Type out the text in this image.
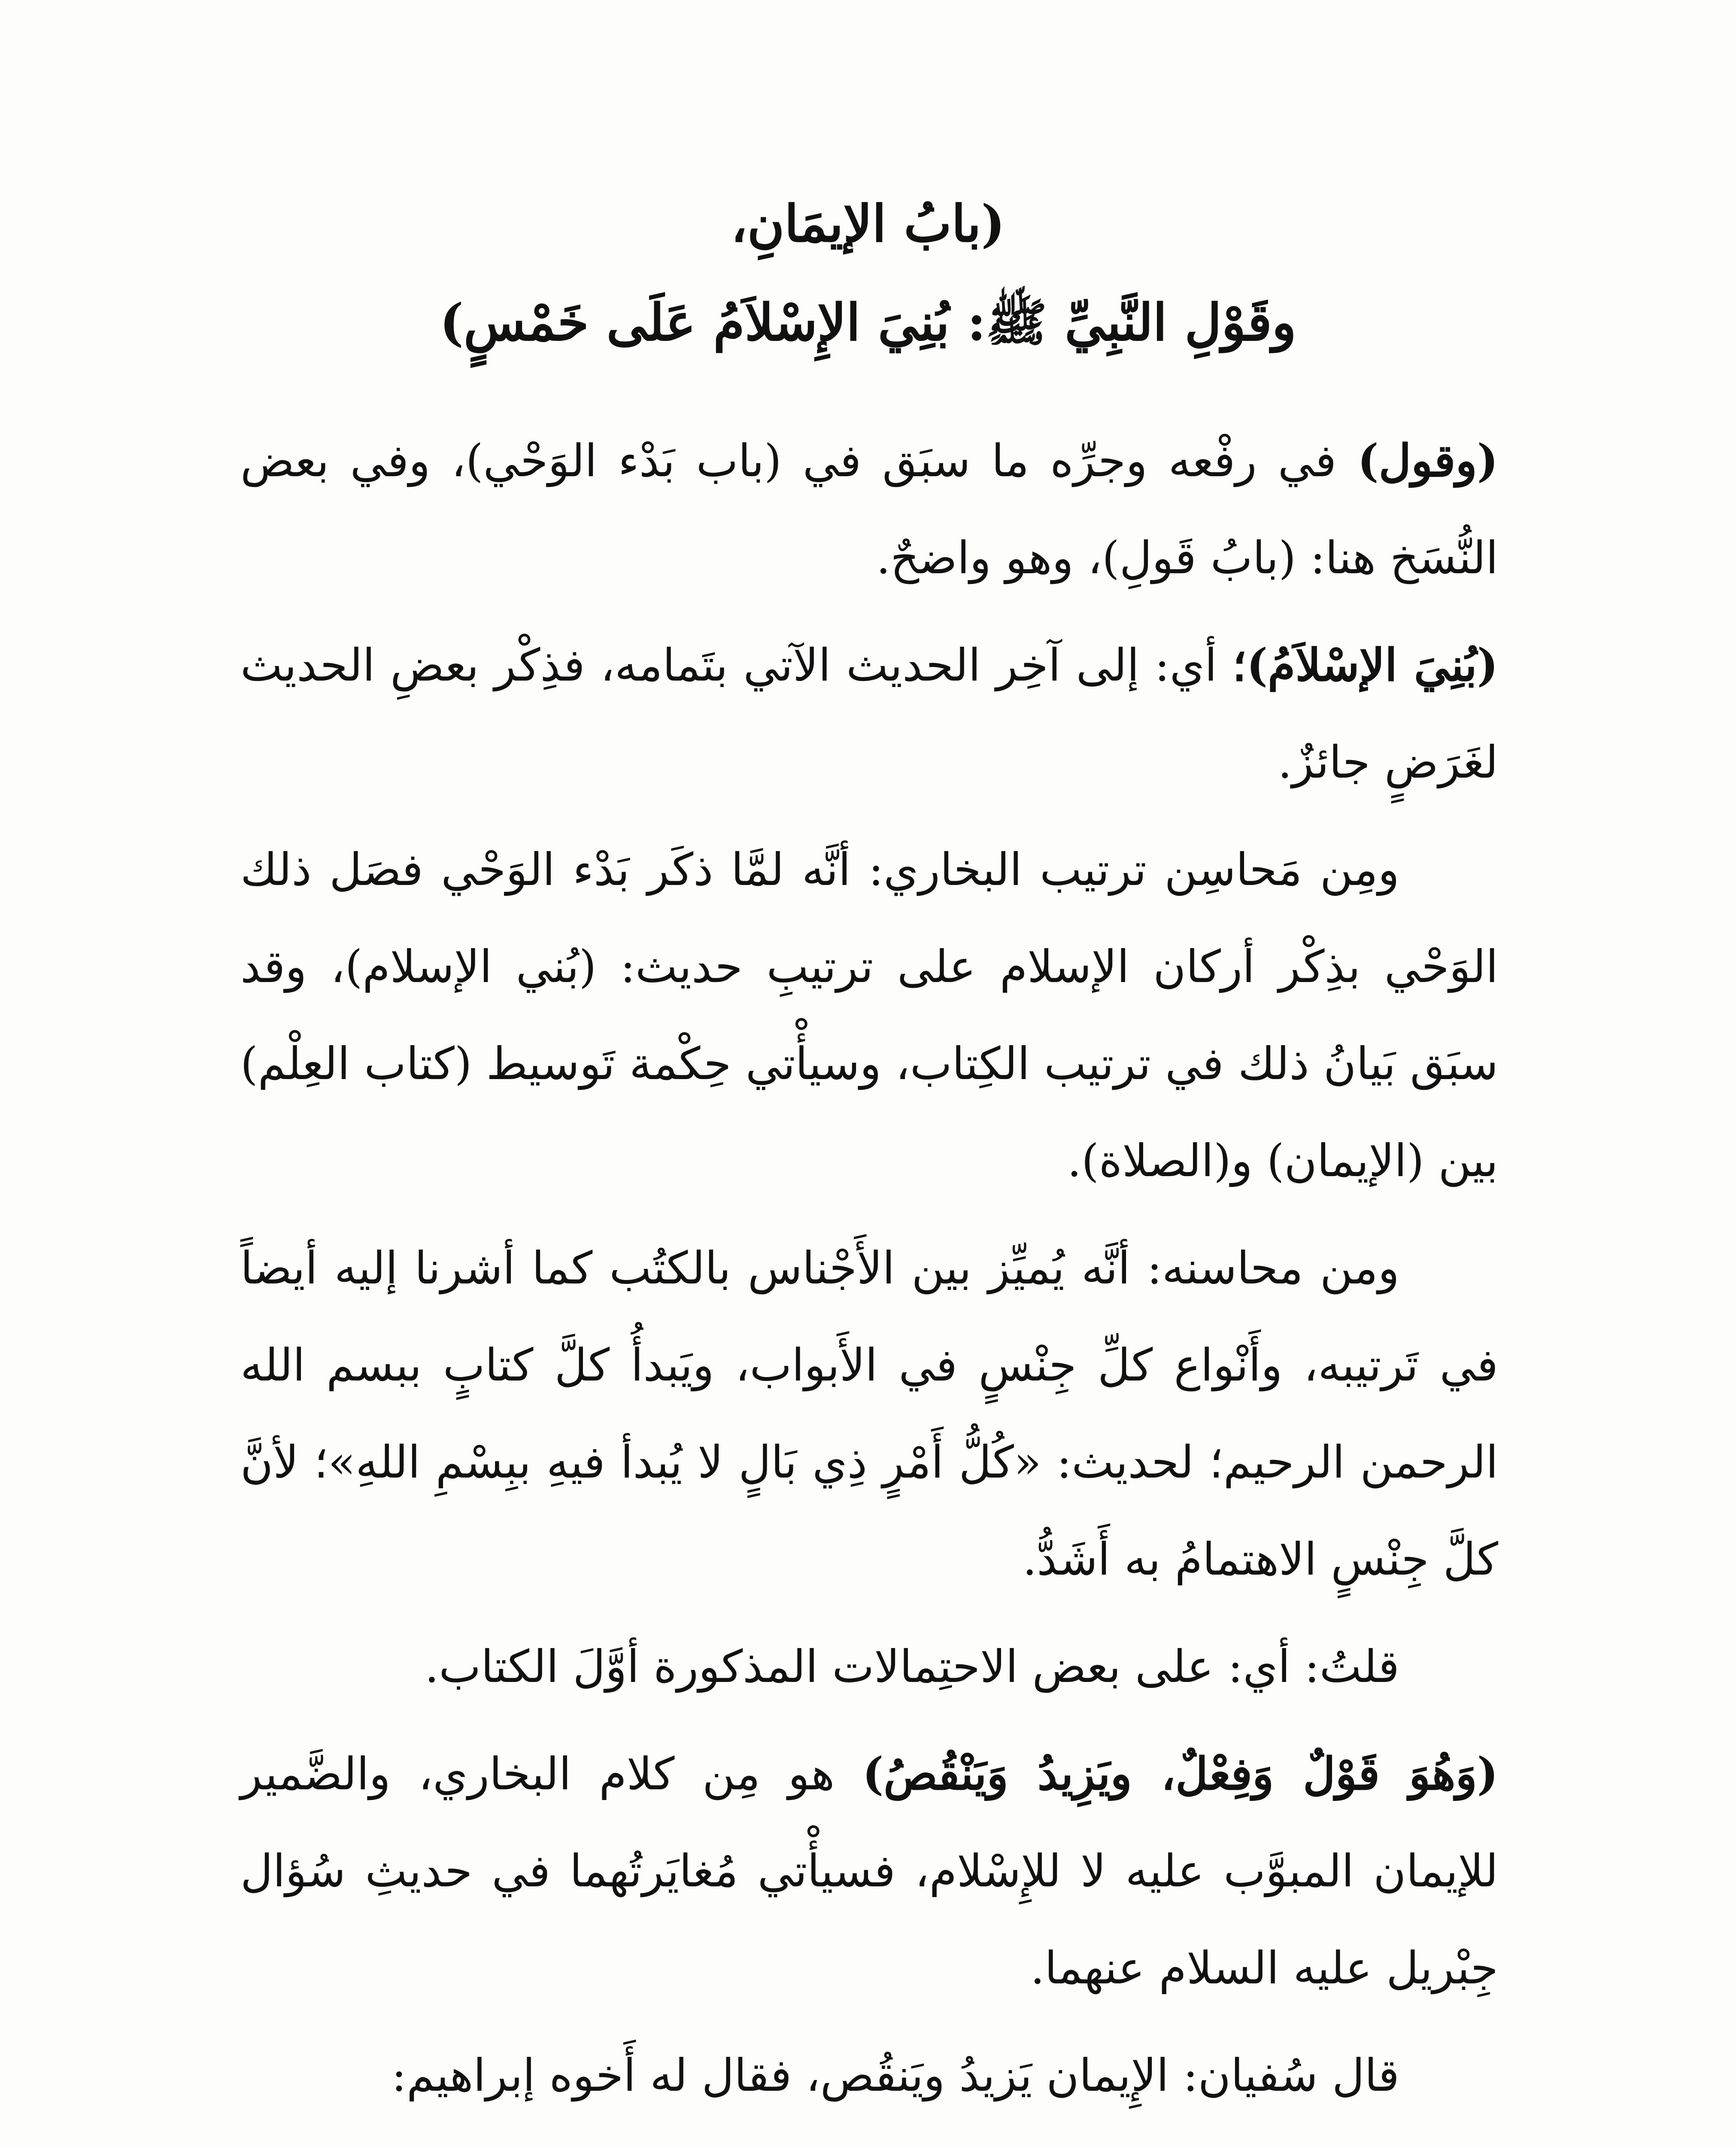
(بابُ الإيمَانِ،
وقَوْلِ النَّبِيِّ ﷺ: بُنِيَ الإِسْلاَمُ عَلَى خَمْسٍ)

(وقول) في رفْعه وجرِّه ما سبَق في (باب بَدْء الوَحْي)، وفي بعض النُّسَخ هنا: (بابُ قَولِ)، وهو واضحٌ.

(بُنِيَ الإسْلاَمُ)؛ أي: إلى آخِر الحديث الآتي بتَمامه، فذِكْر بعضِ الحديث لغَرَضٍ جائزٌ.

ومِن مَحاسِن ترتيب البخاري: أنَّه لمَّا ذكَر بَدْء الوَحْي فصَل ذلك الوَحْي بذِكْر أركان الإسلام على ترتيبِ حديث: (بُني الإسلام)، وقد سبَق بَيانُ ذلك في ترتيب الكِتاب، وسيأْتي حِكْمة تَوسيط (كتاب العِلْم) بين (الإيمان) و(الصلاة).

ومن محاسنه: أنَّه يُميِّز بين الأَجْناس بالكتُب كما أشرنا إليه أيضاً في تَرتيبه، وأَنْواع كلِّ جِنْسٍ في الأَبواب، ويَبدأُ كلَّ كتابٍ ببسم الله الرحمن الرحيم؛ لحديث: «كُلُّ أَمْرٍ ذِي بَالٍ لا يُبدأ فيهِ ببِسْمِ اللهِ»؛ لأنَّ كلَّ جِنْسٍ الاهتمامُ به أَشَدُّ.

قلتُ: أي: على بعض الاحتِمالات المذكورة أوَّلَ الكتاب.

(وَهُوَ قَوْلٌ وَفِعْلٌ، ويَزِيدُ وَيَنْقُصُ) هو مِن كلام البخاري، والضَّمير للإيمان المبوَّب عليه لا للإِسْلام، فسيأْتي مُغايَرتُهما في حديثِ سُؤال جِبْريل عليه السلام عنهما.

قال سُفيان: الإِيمان يَزيدُ ويَنقُص، فقال له أَخوه إبراهيم:
